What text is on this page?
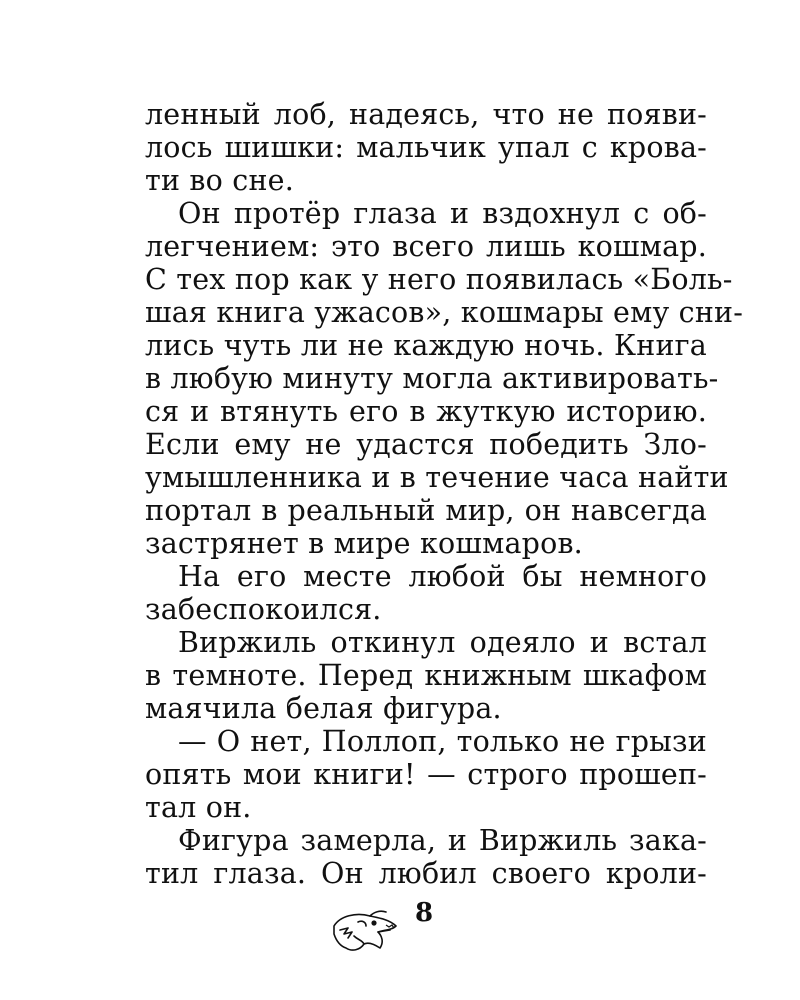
ленный лоб, надеясь, что не появи-
лось шишки: мальчик упал с крова-
ти во сне.
Он протёр глаза и вздохнул с об-
легчением: это всего лишь кошмар.
С тех пор как у него появилась «Боль-
шая книга ужасов», кошмары ему сни-
лись чуть ли не каждую ночь. Книга
в любую минуту могла активировать-
ся и втянуть его в жуткую историю.
Если ему не удастся победить Зло-
умышленника и в течение часа найти
портал в реальный мир, он навсегда
застрянет в мире кошмаров.
На его месте любой бы немного
забеспокоился.
Виржиль откинул одеяло и встал
в темноте. Перед книжным шкафом
маячила белая фигура.
— О нет, Поллоп, только не грызи
опять мои книги! — строго прошеп-
тал он.
Фигура замерла, и Виржиль зака-
тил глаза. Он любил своего кроли-
8
